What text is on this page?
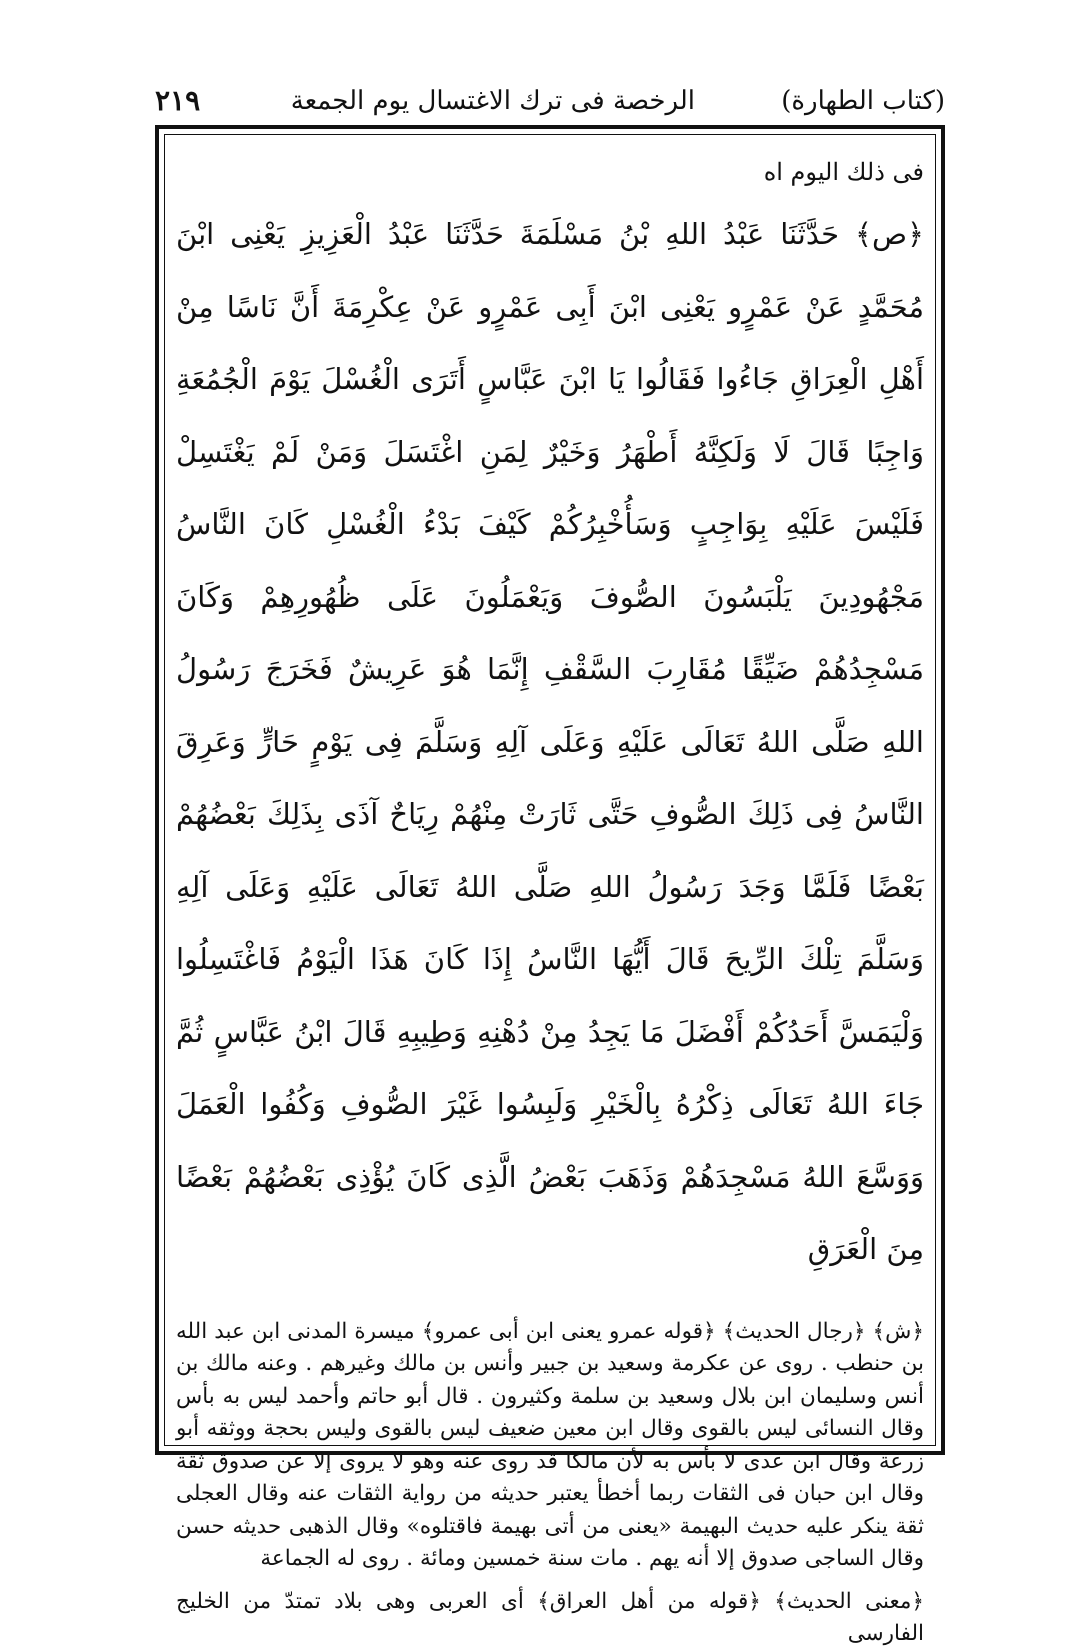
(كتاب الطهارة)
الرخصة فى ترك الاغتسال يوم الجمعة
٢١٩

فى ذلك اليوم اه

﴿ص﴾ حَدَّثَنَا عَبْدُ اللهِ بْنُ مَسْلَمَةَ حَدَّثَنَا عَبْدُ الْعَزِيزِ يَعْنِى ابْنَ مُحَمَّدٍ عَنْ عَمْرٍو يَعْنِى ابْنَ أَبِى عَمْرٍو عَنْ عِكْرِمَةَ أَنَّ نَاسًا مِنْ أَهْلِ الْعِرَاقِ جَاءُوا فَقَالُوا يَا ابْنَ عَبَّاسٍ أَتَرَى الْغُسْلَ يَوْمَ الْجُمُعَةِ وَاجِبًا قَالَ لَا وَلَكِنَّهُ أَطْهَرُ وَخَيْرٌ لِمَنِ اغْتَسَلَ وَمَنْ لَمْ يَغْتَسِلْ فَلَيْسَ عَلَيْهِ بِوَاجِبٍ وَسَأُخْبِرُكُمْ كَيْفَ بَدْءُ الْغُسْلِ كَانَ النَّاسُ مَجْهُودِينَ يَلْبَسُونَ الصُّوفَ وَيَعْمَلُونَ عَلَى ظُهُورِهِمْ وَكَانَ مَسْجِدُهُمْ ضَيِّقًا مُقَارِبَ السَّقْفِ إِنَّمَا هُوَ عَرِيشٌ فَخَرَجَ رَسُولُ اللهِ صَلَّى اللهُ تَعَالَى عَلَيْهِ وَعَلَى آلِهِ وَسَلَّمَ فِى يَوْمٍ حَارٍّ وَعَرِقَ النَّاسُ فِى ذَلِكَ الصُّوفِ حَتَّى ثَارَتْ مِنْهُمْ رِيَاحٌ آذَى بِذَلِكَ بَعْضُهُمْ بَعْضًا فَلَمَّا وَجَدَ رَسُولُ اللهِ صَلَّى اللهُ تَعَالَى عَلَيْهِ وَعَلَى آلِهِ وَسَلَّمَ تِلْكَ الرِّيحَ قَالَ أَيُّهَا النَّاسُ إِذَا كَانَ هَذَا الْيَوْمُ فَاغْتَسِلُوا وَلْيَمَسَّ أَحَدُكُمْ أَفْضَلَ مَا يَجِدُ مِنْ دُهْنِهِ وَطِيبِهِ قَالَ ابْنُ عَبَّاسٍ ثُمَّ جَاءَ اللهُ تَعَالَى ذِكْرُهُ بِالْخَيْرِ وَلَبِسُوا غَيْرَ الصُّوفِ وَكُفُوا الْعَمَلَ وَوَسَّعَ اللهُ مَسْجِدَهُمْ وَذَهَبَ بَعْضُ الَّذِى كَانَ يُؤْذِى بَعْضُهُمْ بَعْضًا مِنَ الْعَرَقِ

﴿ش﴾ ﴿رجال الحديث﴾ ﴿قوله عمرو يعنى ابن أبى عمرو﴾ ميسرة المدنى ابن عبد الله بن حنطب . روى عن عكرمة وسعيد بن جبير وأنس بن مالك وغيرهم . وعنه مالك بن أنس وسليمان ابن بلال وسعيد بن سلمة وكثيرون . قال أبو حاتم وأحمد ليس به بأس وقال النسائى ليس بالقوى وقال ابن معين ضعيف ليس بالقوى وليس بحجة ووثقه أبو زرعة وقال ابن عدى لا بأس به لأن مالكا قد روى عنه وهو لا يروى إلا عن صدوق ثقة وقال ابن حبان فى الثقات ربما أخطأ يعتبر حديثه من رواية الثقات عنه وقال العجلى ثقة ينكر عليه حديث البهيمة «يعنى من أتى بهيمة فاقتلوه» وقال الذهبى حديثه حسن وقال الساجى صدوق إلا أنه يهم . مات سنة خمسين ومائة . روى له الجماعة

﴿معنى الحديث﴾ ﴿قوله من أهل العراق﴾ أى العربى وهى بلاد تمتدّ من الخليج الفارسى
